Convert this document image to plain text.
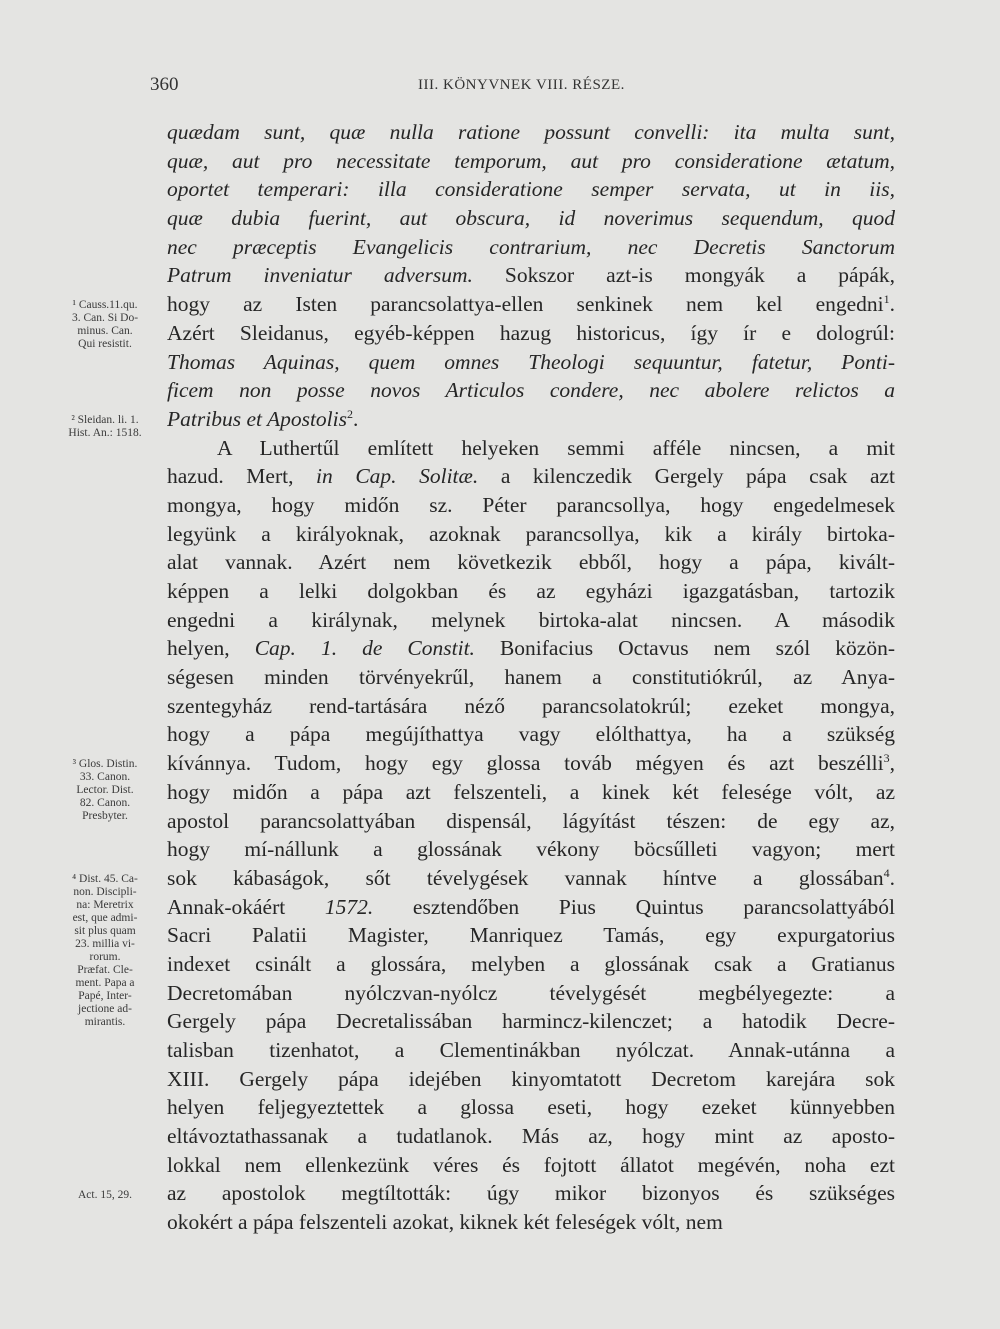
360	III. KÖNYVNEK VIII. RÉSZE.
quædam sunt, quæ nulla ratione possunt convelli: ita multa sunt,
quæ, aut pro necessitate temporum, aut pro consideratione ætatum,
oportet temperari: illa consideratione semper servata, ut in iis,
quæ dubia fuerint, aut obscura, id noverimus sequendum, quod
nec præceptis Evangelicis contrarium, nec Decretis Sanctorum
Patrum inveniatur adversum. Sokszor azt-is mongyák a pápák,
hogy az Isten parancsolattya-ellen senkinek nem kel engedni$^1$.
Azért Sleidanus, egyéb-képpen hazug historicus, így ír e dologrúl:
Thomas Aquinas, quem omnes Theologi sequuntur, fatetur, Ponti-
ficem non posse novos Articulos condere, nec abolere relictos a
Patribus et Apostolis$^2$.
A Luthertűl említett helyeken semmi afféle nincsen, a mit
hazud. Mert, in Cap. Solitæ. a kilenczedik Gergely pápa csak azt
mongya, hogy midőn sz. Péter parancsollya, hogy engedelmesek
legyünk a királyoknak, azoknak parancsollya, kik a király birtoka-
alat vannak. Azért nem következik ebből, hogy a pápa, kivált-
képpen a lelki dolgokban és az egyházi igazgatásban, tartozik
engedni a királynak, melynek birtoka-alat nincsen. A második
helyen, Cap. 1. de Constit. Bonifacius Octavus nem szól közön-
ségesen minden törvényekrűl, hanem a constitutiókrúl, az Anya-
szentegyház rend-tartására néző parancsolatokrúl; ezeket mongya,
hogy a pápa megújíthattya vagy elólthattya, ha a szükség
kívánnya. Tudom, hogy egy glossa továb mégyen és azt beszélli$^3$,
hogy midőn a pápa azt felszenteli, a kinek két felesége vólt, az
apostol parancsolattyában dispensál, lágyítást tészen: de egy az,
hogy mí-nállunk a glossának vékony böcsűlleti vagyon; mert
sok kábaságok, sőt tévelygések vannak híntve a glossában$^4$.
Annak-okáért 1572. esztendőben Pius Quintus parancsolattyából
Sacri Palatii Magister, Manriquez Tamás, egy expurgatorius
indexet csinált a glossára, melyben a glossának csak a Gratianus
Decretomában nyólczvan-nyólcz tévelygését megbélyegezte: a
Gergely pápa Decretalissában harmincz-kilenczet; a hatodik Decre-
talisban tizenhatot, a Clementinákban nyólczat. Annak-utánna a
XIII. Gergely pápa idejében kinyomtatott Decretom karejára sok
helyen feljegyeztettek a glossa eseti, hogy ezeket künnyebben
eltávoztathassanak a tudatlanok. Más az, hogy mint az aposto-
lokkal nem ellenkezünk véres és fojtott állatot megévén, noha ezt
az apostolok megtíltották: úgy mikor bizonyos és szükséges
okokért a pápa felszenteli azokat, kiknek két feleségek vólt, nem
¹ Causs.11.qu.
3. Can. Si Do-
minus. Can.
Qui resistit.
² Sleidan. li. 1.
Hist. An.: 1518.
³ Glos. Distin.
33. Canon.
Lector. Dist.
82. Canon.
Presbyter.
⁴ Dist. 45. Ca-
non. Discipli-
na: Meretrix
est, que admi-
sit plus quam
23. millia vi-
rorum.
Præfat. Cle-
ment. Papa a
Papé, Inter-
jectione ad-
mirantis.
Act. 15, 29.
